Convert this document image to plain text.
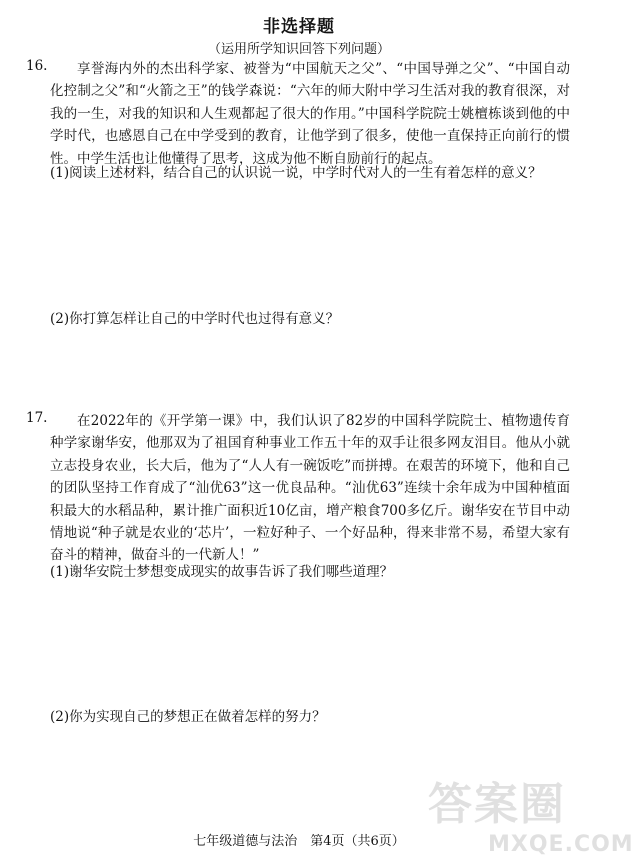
非选择题
（运用所学知识回答下列问题）
16.	享誉海内外的杰出科学家、被誉为“中国航天之父”、“中国导弹之父”、“中国自动化控制之父”和“火箭之王”的钱学森说：“六年的师大附中学习生活对我的教育很深，对我的一生，对我的知识和人生观都起了很大的作用。”中国科学院院士姚檀栋谈到他的中学时代，也感恩自己在中学受到的教育，让他学到了很多，使他一直保持正向前行的惯性。中学生活也让他懂得了思考，这成为他不断自励前行的起点。
(1)阅读上述材料，结合自己的认识说一说，中学时代对人的一生有着怎样的意义？
(2)你打算怎样让自己的中学时代也过得有意义？
17.	在2022年的《开学第一课》中，我们认识了82岁的中国科学院院士、植物遗传育种学家谢华安，他那双为了祖国育种事业工作五十年的双手让很多网友泪目。他从小就立志投身农业，长大后，他为了“人人有一碗饭吃”而拼搏。在艰苦的环境下，他和自己的团队坚持工作育成了“汕优63”这一优良品种。“汕优63”连续十余年成为中国种植面积最大的水稻品种，累计推广面积近10亿亩，增产粮食700多亿斤。谢华安在节目中动情地说“种子就是农业的‘芯片’，一粒好种子、一个好品种，得来非常不易，希望大家有奋斗的精神，做奋斗的一代新人！”
(1)谢华安院士梦想变成现实的故事告诉了我们哪些道理？
(2)你为实现自己的梦想正在做着怎样的努力？
七年级道德与法治　第4页（共6页）
答案圈
MXQE.COM
